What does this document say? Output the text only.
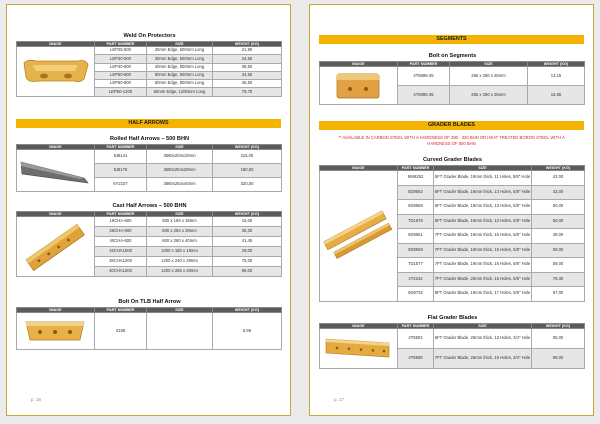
Weld On Protectors
IMAGE	PART NUMBER	SIZE	WEIGHT (KG)

	LEP25-500	25mm Edge, 500mm Long	21,90
	LEP30-500	30mm Edge, 500mm Long	24,50
	LEP40-600	40mm Edge, 600mm Long	38,50
	LEP50-600	50mm Edge, 600mm Long	34,50
	LEP50-800	50mm Edge, 800mm Long	45,50
	LEP50-1200	50mm Edge, 1200mm Long	76,70
HALF ARROWS
Rolled Half Arrows – 500 BHN
IMAGE	PART NUMBER	SIZE	WEIGHT (KG)

	8J8141	3660x203x19mm	115,00
	8J8176	3660x254x29mm	180,00
	6Y2107	3660x254x40mm	320,00
Cast Half Arrows – 500 BHN
IMAGE	PART NUMBER	SIZE	WEIGHT (KG)

	19CHA-600	600 x 165 x 19mm	15,00
	25CHA-600	600 x 254 x 29mm	35,30
	40CHA-600	600 x 280 x 40mm	41,45
	19CHA1000	1000 x 180 x 19mm	29,00
	28CHA1200	1200 x 240 x 29mm	75,00
	40CHA1200	1200 x 255 x 40mm	95,00
Bolt On TLB Half Arrow
IMAGE	PART NUMBER	SIZE	WEIGHT (KG)

	2185		5,95
p. 16
SEGMENTS
Bolt on Segments
IMAGE	PART NUMBER	SIZE	WEIGHT (KG)

	4T6695-25	265 x 280 x 25mm	13,15
	4T6695-35	265 x 280 x 35mm	16,55
GRADER BLADES
** AVAILABLE IN CARBON STEEL WITH A HARDNESS OF 280 - 320 BHN OR HEAT TREATED BORON STEEL WITH A HARDNESS OF 500 BHN
Curved Grader Blades
IMAGE	PART NUMBER	SIZE	WEIGHT (KG)

	9W6252	5FT Grader Blade, 19mm thick, 11 Holes, 5/8" Hole	42,00
	5D9562	6FT Grader Blade, 16mm thick, 13 Holes, 5/8" Hole	42,00
	5D9558	6FT Grader Blade, 19mm thick, 13 Holes, 5/8" Hole	50,00
	7D1576	6FT Grader Blade, 19mm thick, 13 Holes, 5/8" Hole	50,00
	5D9561	7FT Grader Blade, 16mm thick, 15 Holes, 5/8" Hole	49,00
	5D9559	7FT Grader Blade, 19mm thick, 15 Holes, 5/8" Hole	59,00
	7D1577	7FT Grader Blade, 19mm thick, 15 Holes, 5/8" Hole	59,00
	4T2242	7FT Grader Blade, 25mm thick, 15 Holes, 5/8" Hole	78,30
	5D9732	8FT Grader Blade, 19mm thick, 17 Holes, 5/8" Hole	67,00
Flat Grader Blades
IMAGE	PART NUMBER	SIZE	WEIGHT (KG)

	4T6502	6FT Grader Blade, 25mm thick, 13 Holes, 3/4" Hole	85,00
	4T6508	7FT Grader Blade, 25mm thick, 15 Holes, 3/4" Hole	99,00
p. 17
